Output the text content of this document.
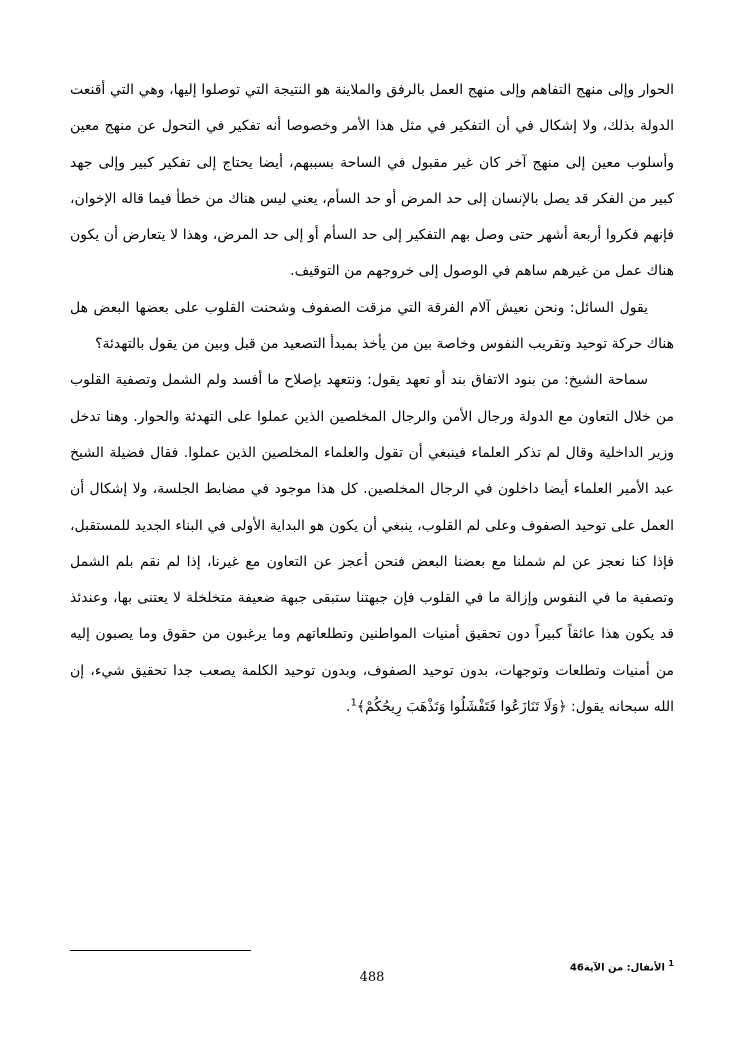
الحوار وإلى منهج التفاهم وإلى منهج العمل بالرفق والملاينة هو النتيجة التي توصلوا إليها، وهي التي أقنعت الدولة بذلك، ولا إشكال في أن التفكير في مثل هذا الأمر وخصوصا أنه تفكير في التحول عن منهج معين وأسلوب معين إلى منهج آخر كان غير مقبول في الساحة بسببهم، أيضا يحتاج إلى تفكير كبير وإلى جهد كبير من الفكر قد يصل بالإنسان إلى حد المرض أو حد السأم، يعني ليس هناك من خطأ فيما قاله الإخوان، فإنهم فكروا أربعة أشهر حتى وصل بهم التفكير إلى حد السأم أو إلى حد المرض، وهذا لا يتعارض أن يكون هناك عمل من غيرهم ساهم في الوصول إلى خروجهم من التوقيف.

يقول السائل: ونحن نعيش آلام الفرقة التي مزقت الصفوف وشحنت القلوب على بعضها البعض هل هناك حركة توحيد وتقريب النفوس وخاصة بين من يأخذ بمبدأ التصعيد من قبل وبين من يقول بالتهدئة؟

سماحة الشيخ: من بنود الاتفاق بند أو تعهد يقول: ونتعهد بإصلاح ما أفسد ولم الشمل وتصفية القلوب من خلال التعاون مع الدولة ورجال الأمن والرجال المخلصين الذين عملوا على التهدئة والحوار. وهنا تدخل وزير الداخلية وقال لم تذكر العلماء فينبغي أن تقول والعلماء المخلصين الذين عملوا. فقال فضيلة الشيخ عبد الأمير العلماء أيضا داخلون في الرجال المخلصين. كل هذا موجود في مضابط الجلسة، ولا إشكال أن العمل على توحيد الصفوف وعلى لم القلوب، ينبغي أن يكون هو البداية الأولى في البناء الجديد للمستقبل، فإذا كنا نعجز عن لم شملنا مع بعضنا البعض فنحن أعجز عن التعاون مع غيرنا، إذا لم نقم بلم الشمل وتصفية ما في النفوس وإزالة ما في القلوب فإن جبهتنا ستبقى جبهة ضعيفة متخلخلة لا يعتنى بها، وعندئذ قد يكون هذا عائقاً كبيراً دون تحقيق أمنيات المواطنين وتطلعاتهم وما يرغبون من حقوق وما يصبون إليه من أمنيات وتطلعات وتوجهات، بدون توحيد الصفوف، وبدون توحيد الكلمة يصعب جدا تحقيق شيء، إن الله سبحانه يقول: ﴿وَلَا تَنَازَعُوا فَتَفْشَلُوا وَتَذْهَبَ رِيحُكُمْ﴾$^1$.

$^1$ الأنفال: من الآية46
488
